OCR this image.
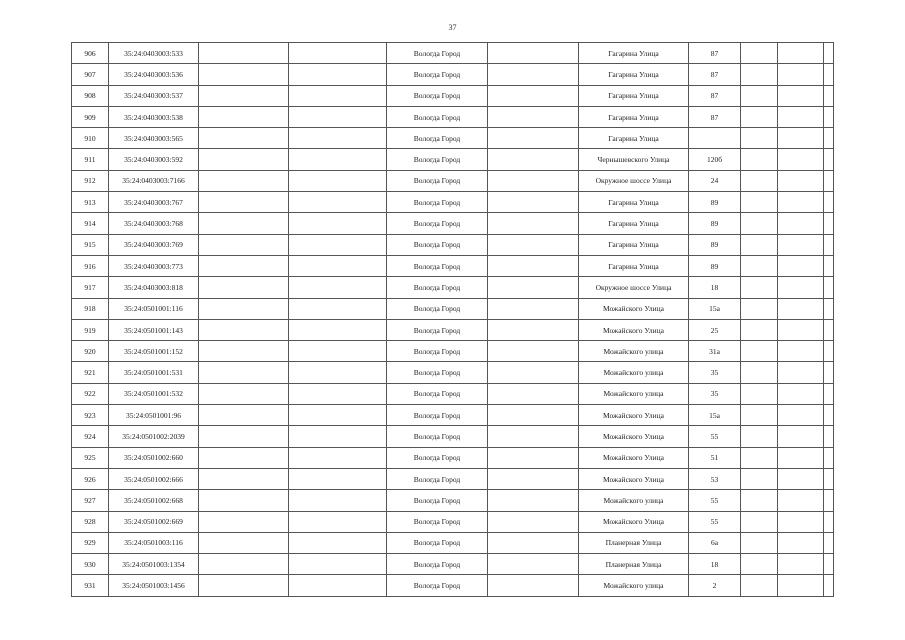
37
906	35:24:0403003:533			Вологда Город		Гагарина Улица	87			
907	35:24:0403003:536			Вологда Город		Гагарина Улица	87			
908	35:24:0403003:537			Вологда Город		Гагарина Улица	87			
909	35:24:0403003:538			Вологда Город		Гагарина Улица	87			
910	35:24:0403003:565			Вологда Город		Гагарина Улица				
911	35:24:0403003:592			Вологда Город		Чернышевского Улица	120б			
912	35:24:0403003:7166			Вологда Город		Окружное шоссе Улица	24			
913	35:24:0403003:767			Вологда Город		Гагарина Улица	89			
914	35:24:0403003:768			Вологда Город		Гагарина Улица	89			
915	35:24:0403003:769			Вологда Город		Гагарина Улица	89			
916	35:24:0403003:773			Вологда Город		Гагарина Улица	89			
917	35:24:0403003:818			Вологда Город		Окружное шоссе Улица	18			
918	35:24:0501001:116			Вологда Город		Можайского Улица	15а			
919	35:24:0501001:143			Вологда Город		Можайского Улица	25			
920	35:24:0501001:152			Вологда Город		Можайского улица	31а			
921	35:24:0501001:531			Вологда Город		Можайского улица	35			
922	35:24:0501001:532			Вологда Город		Можайского улица	35			
923	35:24:0501001:96			Вологда Город		Можайского Улица	15а			
924	35:24:0501002:2039			Вологда Город		Можайского Улица	55			
925	35:24:0501002:660			Вологда Город		Можайского Улица	51			
926	35:24:0501002:666			Вологда Город		Можайского Улица	53			
927	35:24:0501002:668			Вологда Город		Можайского улица	55			
928	35:24:0501002:669			Вологда Город		Можайского Улица	55			
929	35:24:0501003:116			Вологда Город		Планерная Улица	6а			
930	35:24:0501003:1354			Вологда Город		Планерная Улица	18			
931	35:24:0501003:1456			Вологда Город		Можайского улица	2			
